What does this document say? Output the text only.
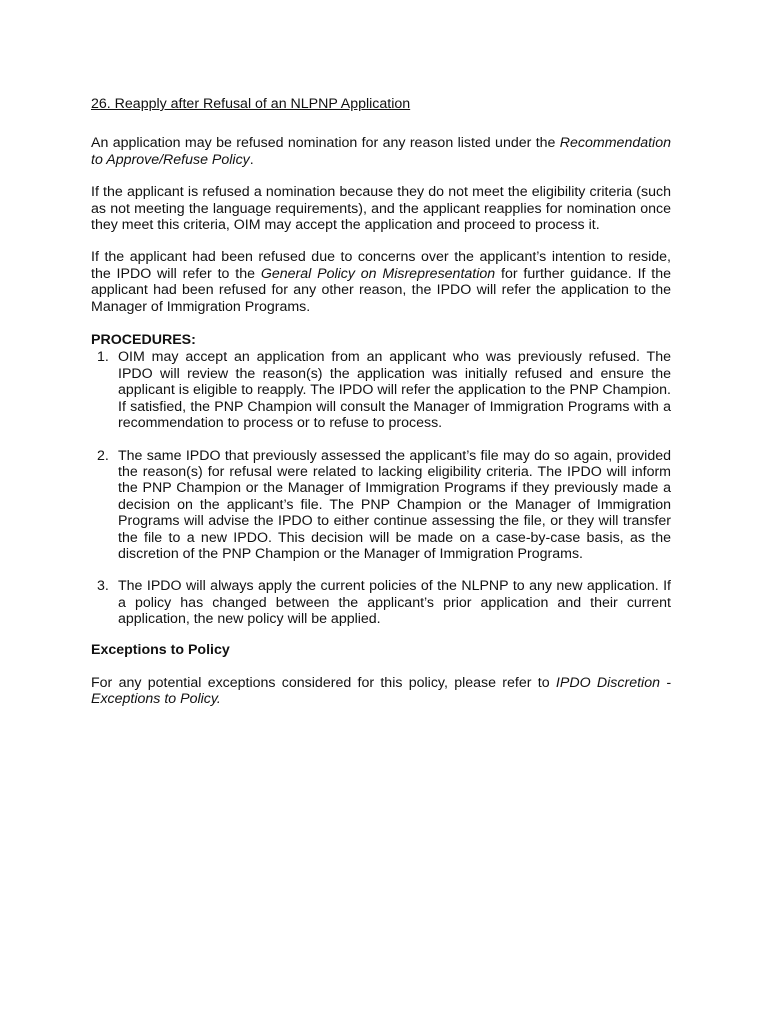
26. Reapply after Refusal of an NLPNP Application

An application may be refused nomination for any reason listed under the Recommendation to Approve/Refuse Policy.

If the applicant is refused a nomination because they do not meet the eligibility criteria (such as not meeting the language requirements), and the applicant reapplies for nomination once they meet this criteria, OIM may accept the application and proceed to process it.

If the applicant had been refused due to concerns over the applicant’s intention to reside, the IPDO will refer to the General Policy on Misrepresentation for further guidance. If the applicant had been refused for any other reason, the IPDO will refer the application to the Manager of Immigration Programs.

PROCEDURES:
1. OIM may accept an application from an applicant who was previously refused. The IPDO will review the reason(s) the application was initially refused and ensure the applicant is eligible to reapply. The IPDO will refer the application to the PNP Champion. If satisfied, the PNP Champion will consult the Manager of Immigration Programs with a recommendation to process or to refuse to process.
2. The same IPDO that previously assessed the applicant’s file may do so again, provided the reason(s) for refusal were related to lacking eligibility criteria. The IPDO will inform the PNP Champion or the Manager of Immigration Programs if they previously made a decision on the applicant’s file. The PNP Champion or the Manager of Immigration Programs will advise the IPDO to either continue assessing the file, or they will transfer the file to a new IPDO. This decision will be made on a case-by-case basis, as the discretion of the PNP Champion or the Manager of Immigration Programs.
3. The IPDO will always apply the current policies of the NLPNP to any new application. If a policy has changed between the applicant’s prior application and their current application, the new policy will be applied.
Exceptions to Policy

For any potential exceptions considered for this policy, please refer to IPDO Discretion - Exceptions to Policy.
